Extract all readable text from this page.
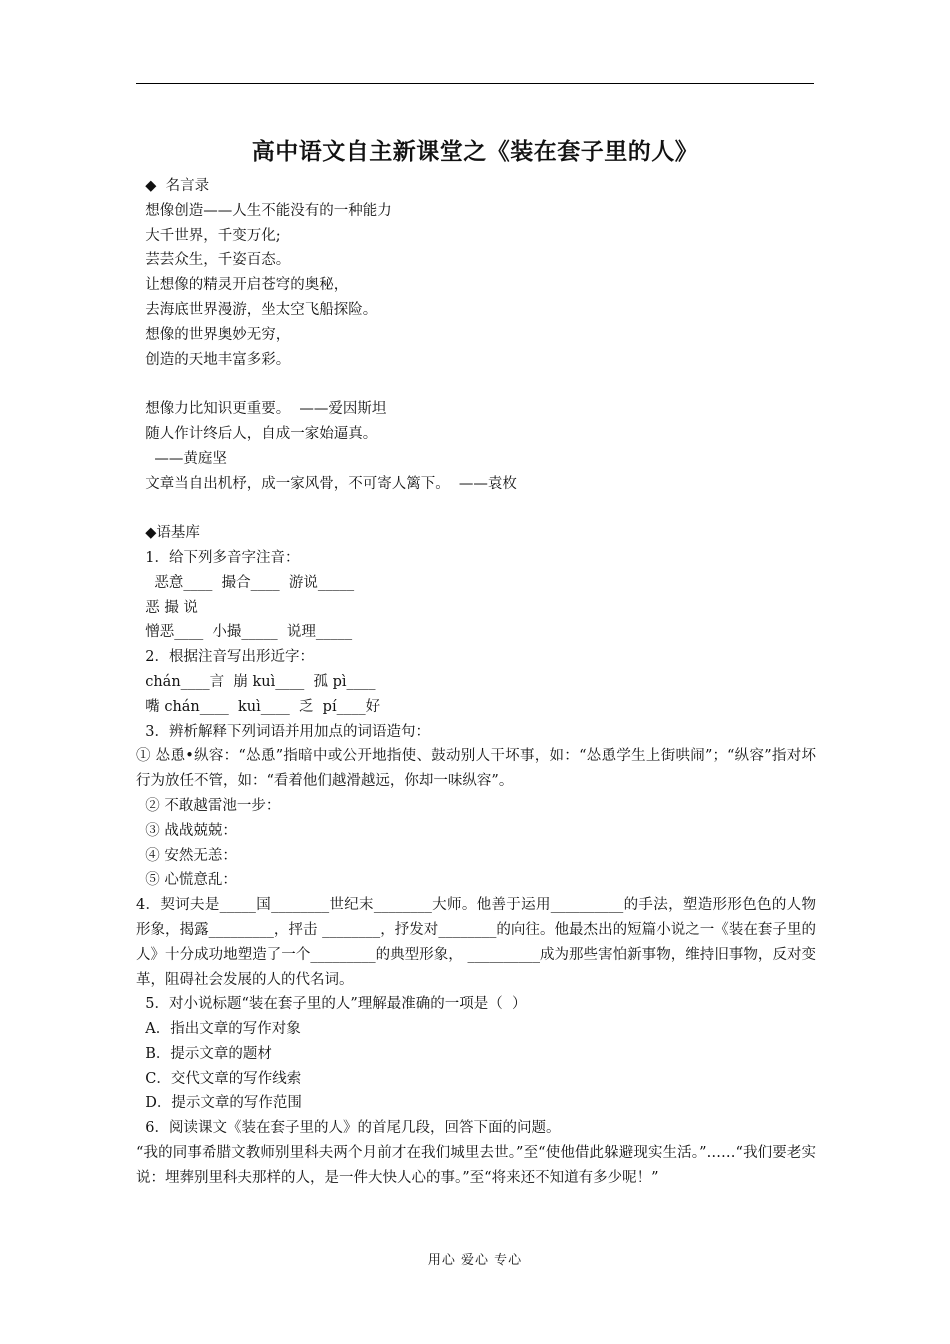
高中语文自主新课堂之《装在套子里的人》
◆  名言录
想像创造——人生不能没有的一种能力
大千世界，千变万化;
芸芸众生，千姿百态。
让想像的精灵开启苍穹的奥秘，
去海底世界漫游，坐太空飞船探险。
想像的世界奥妙无穷，
创造的天地丰富多彩。
想像力比知识更重要。  ——爱因斯坦
随人作计终后人，自成一家始逼真。
——黄庭坚
文章当自出机杼，成一家风骨，不可寄人篱下。  ——袁枚
◆语基库
1．给下列多音字注音：
恶意____  撮合____  游说_____
恶 撮 说
憎恶____  小撮_____  说理_____
2．根据注音写出形近字：
chán____言  崩 kuì____  孤 pì____
嘴 chán____  kuì____  乏  pí____好
3．辨析解释下列词语并用加点的词语造句：
① 怂恿•纵容：“怂恿”指暗中或公开地指使、鼓动别人干坏事，如：“怂恿学生上街哄闹”；“纵容”指对坏行为放任不管，如：“看着他们越滑越远，你却一味纵容”。
② 不敢越雷池一步：
③ 战战兢兢：
④ 安然无恙：
⑤ 心慌意乱：
4．契诃夫是_____国________世纪末________大师。他善于运用__________的手法，塑造形形色色的人物形象，揭露_________，抨击 ________，抒发对________的向往。他最杰出的短篇小说之一《装在套子里的人》十分成功地塑造了一个_________的典型形象， __________成为那些害怕新事物，维持旧事物，反对变革，阻碍社会发展的人的代名词。
5．对小说标题“装在套子里的人”理解最准确的一项是（  ）
A．指出文章的写作对象
B．提示文章的题材
C．交代文章的写作线索
D．提示文章的写作范围
6．阅读课文《装在套子里的人》的首尾几段，回答下面的问题。
“我的同事希腊文教师别里科夫两个月前才在我们城里去世。”至“使他借此躲避现实生活。”……“我们要老实说：埋葬别里科夫那样的人，是一件大快人心的事。”至“将来还不知道有多少呢！”
用心 爱心 专心
